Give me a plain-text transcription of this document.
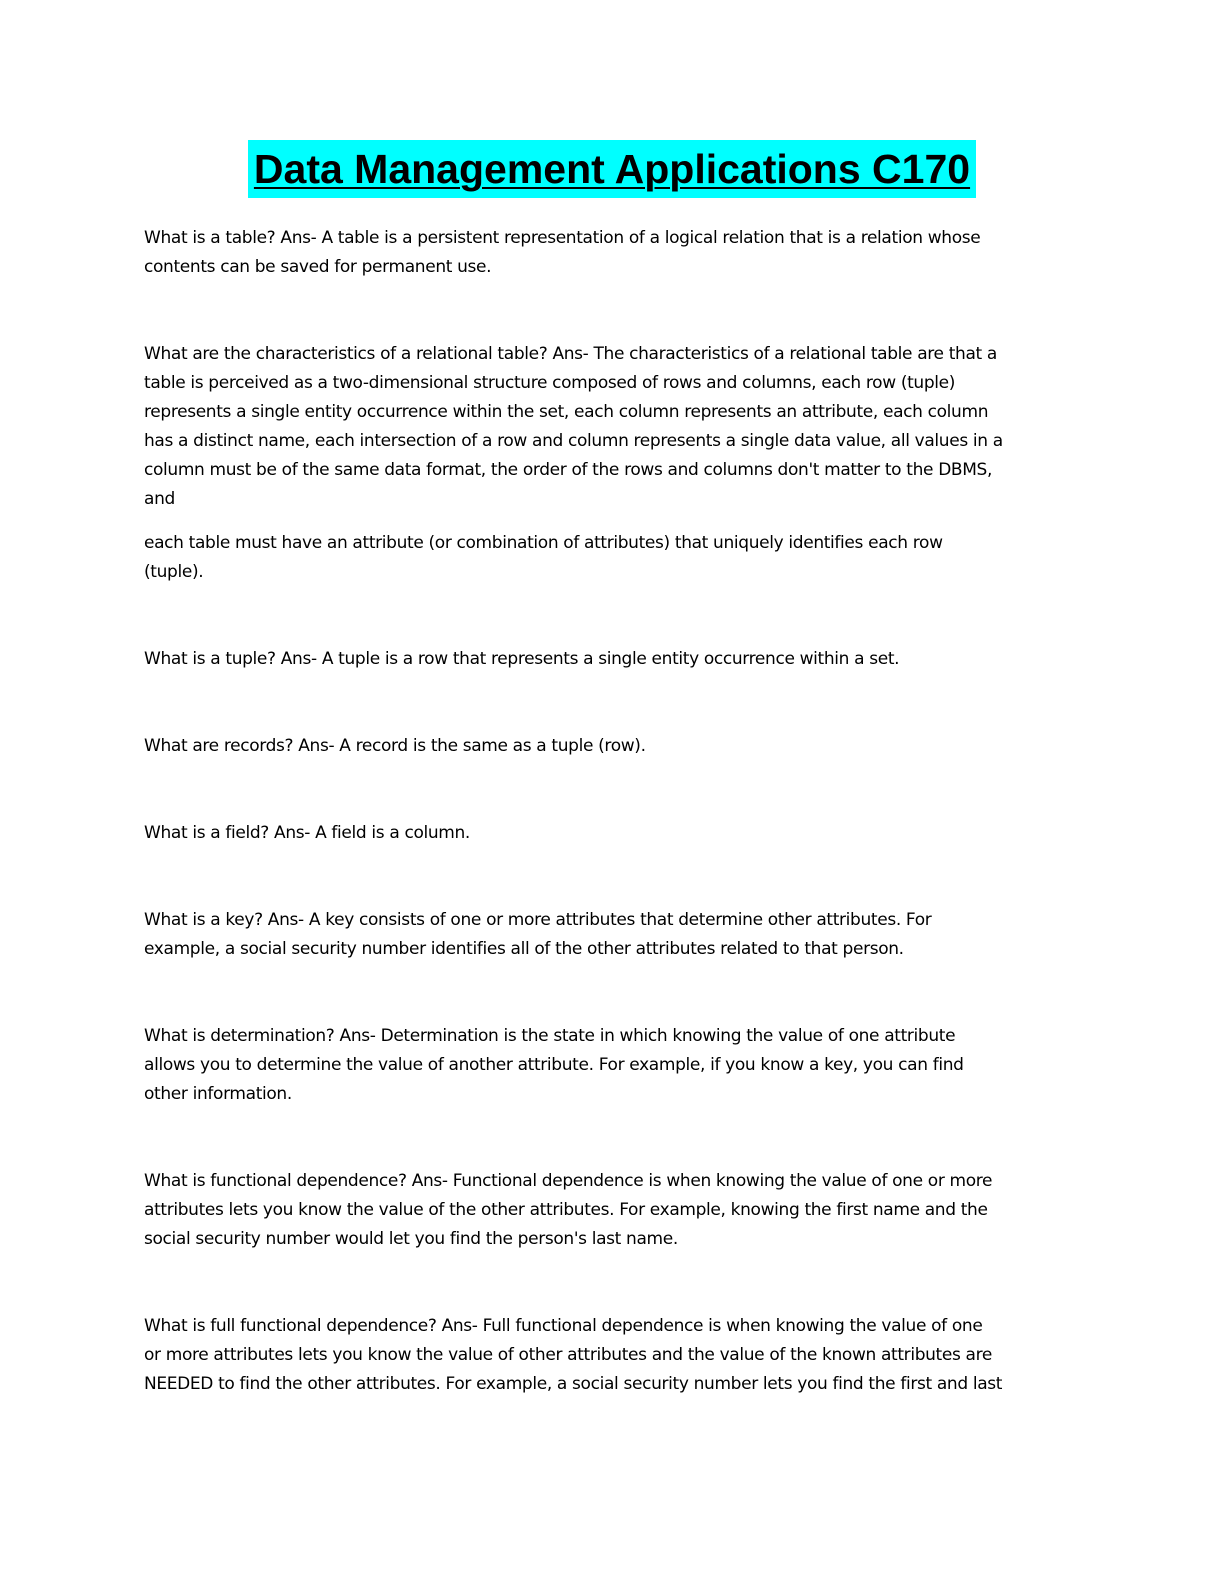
Data Management Applications C170

What is a table? Ans- A table is a persistent representation of a logical relation that is a relation whose
contents can be saved for permanent use.

What are the characteristics of a relational table? Ans- The characteristics of a relational table are that a
table is perceived as a two-dimensional structure composed of rows and columns, each row (tuple)
represents a single entity occurrence within the set, each column represents an attribute, each column
has a distinct name, each intersection of a row and column represents a single data value, all values in a
column must be of the same data format, the order of the rows and columns don't matter to the DBMS,
and

each table must have an attribute (or combination of attributes) that uniquely identifies each row
(tuple).

What is a tuple? Ans- A tuple is a row that represents a single entity occurrence within a set.

What are records? Ans- A record is the same as a tuple (row).

What is a field? Ans- A field is a column.

What is a key? Ans- A key consists of one or more attributes that determine other attributes. For
example, a social security number identifies all of the other attributes related to that person.

What is determination? Ans- Determination is the state in which knowing the value of one attribute
allows you to determine the value of another attribute. For example, if you know a key, you can find
other information.

What is functional dependence? Ans- Functional dependence is when knowing the value of one or more
attributes lets you know the value of the other attributes. For example, knowing the first name and the
social security number would let you find the person's last name.

What is full functional dependence? Ans- Full functional dependence is when knowing the value of one
or more attributes lets you know the value of other attributes and the value of the known attributes are
NEEDED to find the other attributes. For example, a social security number lets you find the first and last
